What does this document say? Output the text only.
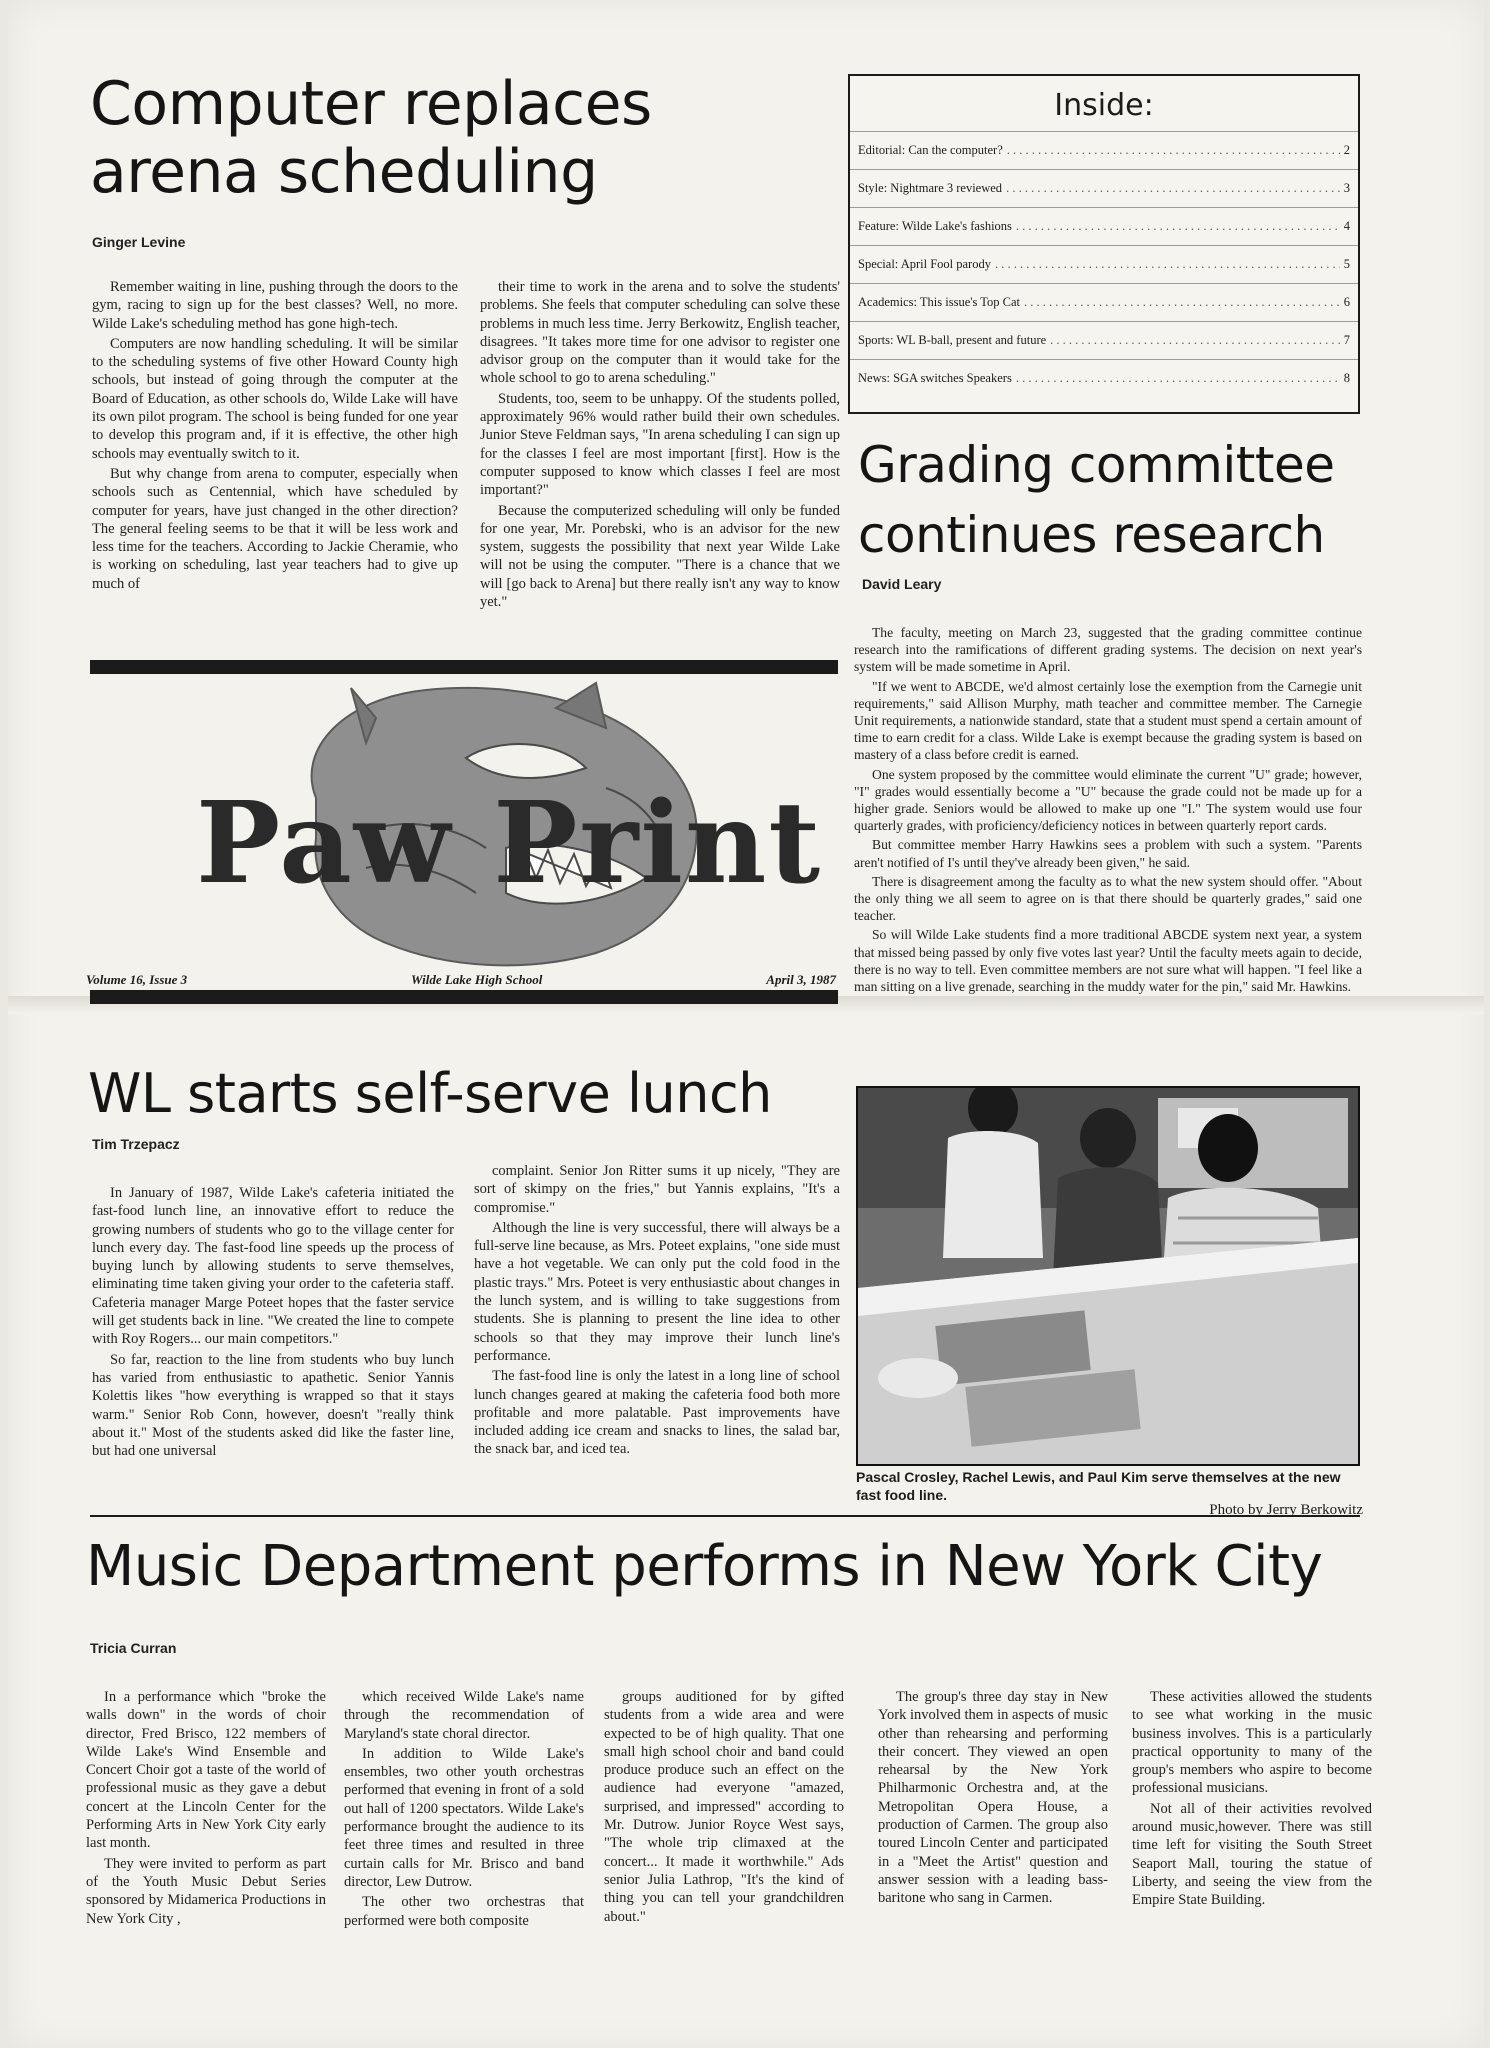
Computer replaces
arena scheduling

Ginger Levine

Remember waiting in line, pushing through the doors to the gym, racing to sign up for the best classes? Well, no more. Wilde Lake's scheduling method has gone high-tech.

Computers are now handling scheduling. It will be similar to the scheduling systems of five other Howard County high schools, but instead of going through the computer at the Board of Education, as other schools do, Wilde Lake will have its own pilot program. The school is being funded for one year to develop this program and, if it is effective, the other high schools may eventually switch to it.

But why change from arena to computer, especially when schools such as Centennial, which have scheduled by computer for years, have just changed in the other direction? The general feeling seems to be that it will be less work and less time for the teachers. According to Jackie Cheramie, who is working on scheduling, last year teachers had to give up much of

their time to work in the arena and to solve the students' problems. She feels that computer scheduling can solve these problems in much less time. Jerry Berkowitz, English teacher, disagrees. "It takes more time for one advisor to register one advisor group on the computer than it would take for the whole school to go to arena scheduling."

Students, too, seem to be unhappy. Of the students polled, approximately 96% would rather build their own schedules. Junior Steve Feldman says, "In arena scheduling I can sign up for the classes I feel are most important [first]. How is the computer supposed to know which classes I feel are most important?"

Because the computerized scheduling will only be funded for one year, Mr. Porebski, who is an advisor for the new system, suggests the possibility that next year Wilde Lake will not be using the computer. "There is a chance that we will [go back to Arena] but there really isn't any way to know yet."

Inside:
Editorial: Can the computer? . . .	2
Style: Nightmare 3 reviewed . . .	3
Feature: Wilde Lake's fashions . . .	4
Special: April Fool parody . . .	5
Academics: This issue's Top Cat . . .	6
Sports: WL B-ball, present and future . . .	7
News: SGA switches Speakers . . .	8
Grading committee
continues research

David Leary

The faculty, meeting on March 23, suggested that the grading committee continue research into the ramifications of different grading systems. The decision on next year's system will be made sometime in April.

"If we went to ABCDE, we'd almost certainly lose the exemption from the Carnegie unit requirements," said Allison Murphy, math teacher and committee member. The Carnegie Unit requirements, a nationwide standard, state that a student must spend a certain amount of time to earn credit for a class. Wilde Lake is exempt because the grading system is based on mastery of a class before credit is earned.

One system proposed by the committee would eliminate the current "U" grade; however, "I" grades would essentially become a "U" because the grade could not be made up for a higher grade. Seniors would be allowed to make up one "I." The system would use four quarterly grades, with proficiency/deficiency notices in between quarterly report cards.

But committee member Harry Hawkins sees a problem with such a system. "Parents aren't notified of I's until they've already been given," he said.

There is disagreement among the faculty as to what the new system should offer. "About the only thing we all seem to agree on is that there should be quarterly grades," said one teacher.

So will Wilde Lake students find a more traditional ABCDE system next year, a system that missed being passed by only five votes last year? Until the faculty meets again to decide, there is no way to tell. Even committee members are not sure what will happen. "I feel like a man sitting on a live grenade, searching in the muddy water for the pin," said Mr. Hawkins.

Paw Print
Volume 16, Issue 3	Wilde Lake High School	April 3, 1987
WL starts self-serve lunch

Tim Trzepacz

In January of 1987, Wilde Lake's cafeteria initiated the fast-food lunch line, an innovative effort to reduce the growing numbers of students who go to the village center for lunch every day. The fast-food line speeds up the process of buying lunch by allowing students to serve themselves, eliminating time taken giving your order to the cafeteria staff. Cafeteria manager Marge Poteet hopes that the faster service will get students back in line. "We created the line to compete with Roy Rogers... our main competitors."

So far, reaction to the line from students who buy lunch has varied from enthusiastic to apathetic. Senior Yannis Kolettis likes "how everything is wrapped so that it stays warm." Senior Rob Conn, however, doesn't "really think about it." Most of the students asked did like the faster line, but had one universal

complaint. Senior Jon Ritter sums it up nicely, "They are sort of skimpy on the fries," but Yannis explains, "It's a compromise."

Although the line is very successful, there will always be a full-serve line because, as Mrs. Poteet explains, "one side must have a hot vegetable. We can only put the cold food in the plastic trays." Mrs. Poteet is very enthusiastic about changes in the lunch system, and is willing to take suggestions from students. She is planning to present the line idea to other schools so that they may improve their lunch line's performance.

The fast-food line is only the latest in a long line of school lunch changes geared at making the cafeteria food both more profitable and more palatable. Past improvements have included adding ice cream and snacks to lines, the salad bar, the snack bar, and iced tea.

Pascal Crosley, Rachel Lewis, and Paul Kim serve themselves at the new fast food line.
Photo by Jerry Berkowitz
Music Department performs in New York City

Tricia Curran

In a performance which "broke the walls down" in the words of choir director, Fred Brisco, 122 members of Wilde Lake's Wind Ensemble and Concert Choir got a taste of the world of professional music as they gave a debut concert at the Lincoln Center for the Performing Arts in New York City early last month.

They were invited to perform as part of the Youth Music Debut Series sponsored by Midamerica Productions in New York City ,

which received Wilde Lake's name through the recommendation of Maryland's state choral director.

In addition to Wilde Lake's ensembles, two other youth orchestras performed that evening in front of a sold out hall of 1200 spectators. Wilde Lake's performance brought the audience to its feet three times and resulted in three curtain calls for Mr. Brisco and band director, Lew Dutrow.

The other two orchestras that performed were both composite

groups auditioned for by gifted students from a wide area and were expected to be of high quality. That one small high school choir and band could produce produce such an effect on the audience had everyone "amazed, surprised, and impressed" according to Mr. Dutrow. Junior Royce West says, "The whole trip climaxed at the concert... It made it worthwhile." Ads senior Julia Lathrop, "It's the kind of thing you can tell your grandchildren about."

The group's three day stay in New York involved them in aspects of music other than rehearsing and performing their concert. They viewed an open rehearsal by the New York Philharmonic Orchestra and, at the Metropolitan Opera House, a production of Carmen. The group also toured Lincoln Center and participated in a "Meet the Artist" question and answer session with a leading bass-baritone who sang in Carmen.

These activities allowed the students to see what working in the music business involves. This is a particularly practical opportunity to many of the group's members who aspire to become professional musicians.

Not all of their activities revolved around music,however. There was still time left for visiting the South Street Seaport Mall, touring the statue of Liberty, and seeing the view from the Empire State Building.
